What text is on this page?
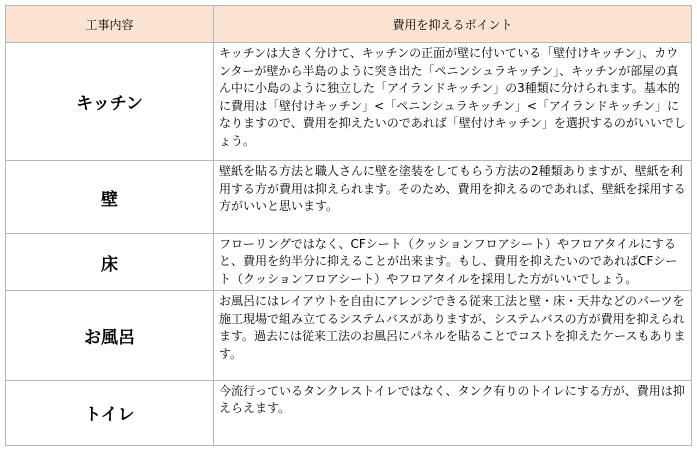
工事内容	費用を抑えるポイント
キッチン	キッチンは大きく分けて、キッチンの正面が壁に付いている「壁付けキッチン」、カウンターが壁から半島のように突き出た「ペニンシュラキッチン」、キッチンが部屋の真ん中に小島のように独立した「アイランドキッチン」の3種類に分けられます。基本的に費用は「壁付けキッチン」<「ペニンシュラキッチン」<「アイランドキッチン」になりますので、費用を抑えたいのであれば「壁付けキッチン」を選択するのがいいでしょう。
壁	壁紙を貼る方法と職人さんに壁を塗装をしてもらう方法の2種類ありますが、壁紙を利用する方が費用は抑えられます。そのため、費用を抑えるのであれば、壁紙を採用する方がいいと思います。
床	フローリングではなく、CFシート（クッションフロアシート）やフロアタイルにすると、費用を約半分に抑えることが出来ます。もし、費用を抑えたいのであればCFシート（クッションフロアシート）やフロアタイルを採用した方がいいでしょう。
お風呂	お風呂にはレイアウトを自由にアレンジできる従来工法と壁・床・天井などのパーツを施工現場で組み立てるシステムバスがありますが、システムバスの方が費用を抑えられます。過去には従来工法のお風呂にパネルを貼ることでコストを抑えたケースもあります。
トイレ	今流行っているタンクレストイレではなく、タンク有りのトイレにする方が、費用は抑えらえます。
